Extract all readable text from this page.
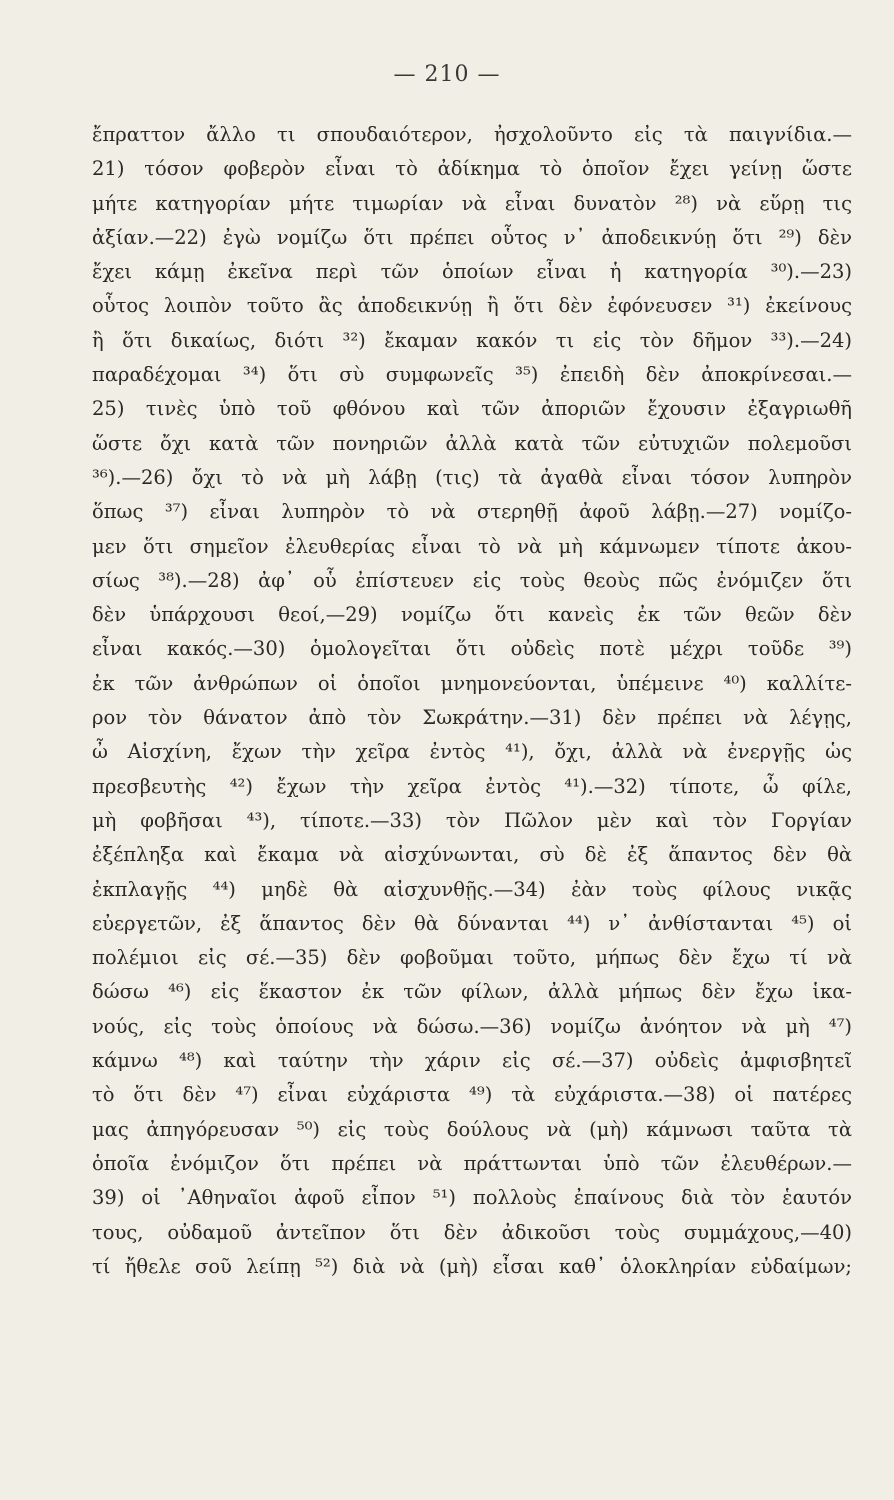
— 210 —
ἔπραττον ἄλλο τι σπουδαιότερον, ἠσχολοῦντο εἰς τὰ παιγνίδια.—
21) τόσον φοβερὸν εἶναι τὸ ἀδίκημα τὸ ὁποῖον ἔχει γείνῃ ὥστε
μήτε κατηγορίαν μήτε τιμωρίαν νὰ εἶναι δυνατὸν ²⁸) νὰ εὕρῃ τις
ἀξίαν.—22) ἐγὼ νομίζω ὅτι πρέπει οὗτος ν᾽ ἀποδεικνύῃ ὅτι ²⁹) δὲν
ἔχει κάμῃ ἐκεῖνα περὶ τῶν ὁποίων εἶναι ἡ κατηγορία ³⁰).—23)
οὗτος λοιπὸν τοῦτο ἂς ἀποδεικνύῃ ἢ ὅτι δὲν ἐφόνευσεν ³¹) ἐκείνους
ἢ ὅτι δικαίως, διότι ³²) ἔκαμαν κακόν τι εἰς τὸν δῆμον ³³).—24)
παραδέχομαι ³⁴) ὅτι σὺ συμφωνεῖς ³⁵) ἐπειδὴ δὲν ἀποκρίνεσαι.—
25) τινὲς ὑπὸ τοῦ φθόνου καὶ τῶν ἀποριῶν ἔχουσιν ἐξαγριωθῆ
ὥστε ὄχι κατὰ τῶν πονηριῶν ἀλλὰ κατὰ τῶν εὐτυχιῶν πολεμοῦσι
³⁶).—26) ὄχι τὸ νὰ μὴ λάβῃ (τις) τὰ ἀγαθὰ εἶναι τόσον λυπηρὸν
ὅπως ³⁷) εἶναι λυπηρὸν τὸ νὰ στερηθῇ ἀφοῦ λάβῃ.—27) νομίζο-
μεν ὅτι σημεῖον ἐλευθερίας εἶναι τὸ νὰ μὴ κάμνωμεν τίποτε ἀκου-
σίως ³⁸).—28) ἀφ᾽ οὗ ἐπίστευεν εἰς τοὺς θεοὺς πῶς ἐνόμιζεν ὅτι
δὲν ὑπάρχουσι θεοί,—29) νομίζω ὅτι κανεὶς ἐκ τῶν θεῶν δὲν
εἶναι κακός.—30) ὁμολογεῖται ὅτι οὐδεὶς ποτὲ μέχρι τοῦδε ³⁹)
ἐκ τῶν ἀνθρώπων οἱ ὁποῖοι μνημονεύονται, ὑπέμεινε ⁴⁰) καλλίτε-
ρον τὸν θάνατον ἀπὸ τὸν Σωκράτην.—31) δὲν πρέπει νὰ λέγῃς,
ὦ Αἰσχίνη, ἔχων τὴν χεῖρα ἐντὸς ⁴¹), ὄχι, ἀλλὰ νὰ ἐνεργῇς ὡς
πρεσβευτὴς ⁴²) ἔχων τὴν χεῖρα ἐντὸς ⁴¹).—32) τίποτε, ὦ φίλε,
μὴ φοβῆσαι ⁴³), τίποτε.—33) τὸν Πῶλον μὲν καὶ τὸν Γοργίαν
ἐξέπληξα καὶ ἔκαμα νὰ αἰσχύνωνται, σὺ δὲ ἐξ ἅπαντος δὲν θὰ
ἐκπλαγῇς ⁴⁴) μηδὲ θὰ αἰσχυνθῇς.—34) ἐὰν τοὺς φίλους νικᾷς
εὐεργετῶν, ἐξ ἅπαντος δὲν θὰ δύνανται ⁴⁴) ν᾽ ἀνθίστανται ⁴⁵) οἱ
πολέμιοι εἰς σέ.—35) δὲν φοβοῦμαι τοῦτο, μήπως δὲν ἔχω τί νὰ
δώσω ⁴⁶) εἰς ἕκαστον ἐκ τῶν φίλων, ἀλλὰ μήπως δὲν ἔχω ἱκα-
νούς, εἰς τοὺς ὁποίους νὰ δώσω.—36) νομίζω ἀνόητον νὰ μὴ ⁴⁷)
κάμνω ⁴⁸) καὶ ταύτην τὴν χάριν εἰς σέ.—37) οὐδεὶς ἀμφισβητεῖ
τὸ ὅτι δὲν ⁴⁷) εἶναι εὐχάριστα ⁴⁹) τὰ εὐχάριστα.—38) οἱ πατέρες
μας ἀπηγόρευσαν ⁵⁰) εἰς τοὺς δούλους νὰ (μὴ) κάμνωσι ταῦτα τὰ
ὁποῖα ἐνόμιζον ὅτι πρέπει νὰ πράττωνται ὑπὸ τῶν ἐλευθέρων.—
39) οἱ ᾿Αθηναῖοι ἀφοῦ εἶπον ⁵¹) πολλοὺς ἐπαίνους διὰ τὸν ἑαυτόν
τους, οὐδαμοῦ ἀντεῖπον ὅτι δὲν ἀδικοῦσι τοὺς συμμάχους,—40)
τί ἤθελε σοῦ λείπῃ ⁵²) διὰ νὰ (μὴ) εἶσαι καθ᾽ ὁλοκληρίαν εὐδαίμων;
